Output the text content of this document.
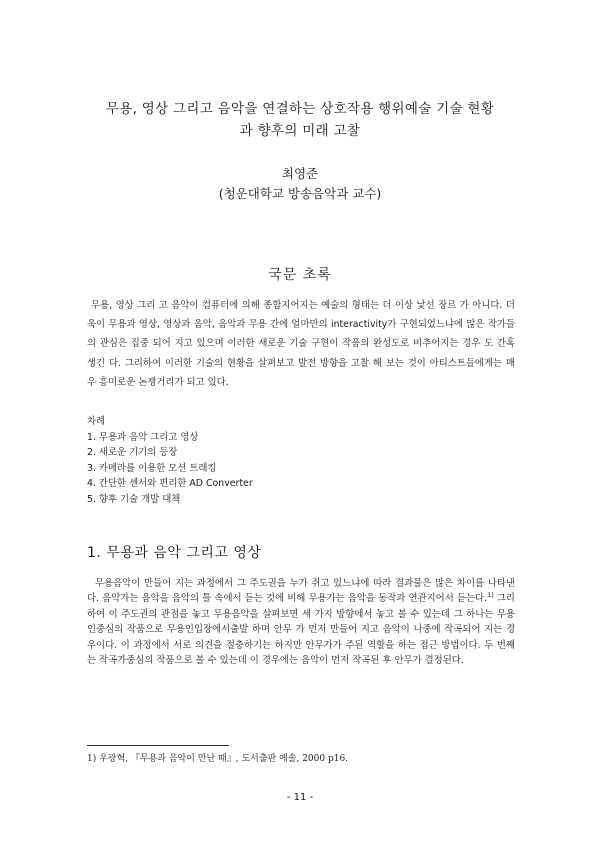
무용, 영상 그리고 음악을 연결하는 상호작용 행위예술 기술 현황
과 향후의 미래 고찰
최영준
(청운대학교 방송음악과 교수)
국문 초록

무용, 영상 그리 고 음악이 컴퓨터에 의해 종합지어지는 예술의 형태는 더 이상 낯선 장르 가 아니다. 더욱이 무용과 영상, 영상과 음악, 음악과 무용 간에 얼마만의 interactivity가 구현되었느냐에 많은 작가들의 관심은 집중 되어 지고 있으며 이러한 새로운 기술 구현이 작품의 완성도로 비추어지는 경우 도 간혹 생긴 다. 그리하여 이러한 기술의 현황을 살펴보고 발전 방향을 고찰 해 보는 것이 아티스트들에게는 매 우 흥미로운 논쟁거리가 되고 있다.

차례
1. 무용과 음악 그리고 영상
2. 새로운 기기의 등장
3. 카메라를 이용한 모션 트래킹
4. 간단한 센서와 편리한 AD Converter
5. 향후 기술 개발 대책
1. 무용과 음악 그리고 영상

무용음악이 만들어 지는 과정에서 그 주도권을 누가 쥐고 있느냐에 따라 결과물은 많은 차이를 나타낸다. 음악가는 음악을 음악의 틀 속에서 듣는 것에 비해 무용가는 음악을 동작과 연관지어서 듣는다.$^{1)}$ 그리하여 이 주도권의 관점을 놓고 무용음악을 살펴보면 세 가지 방향에서 놓고 볼 수 있는데 그 하나는 무용인중심의 작품으로 무용인입장에서출발 하며 안무 가 먼저 만들어 지고 음악이 나중에 작곡되어 지는 경우이다. 이 과정에서 서로 의견을 절충하기는 하지만 안무가가 주된 역할을 하는 접근 방법이다. 두 번째는 작곡가중심의 작품으로 볼 수 있는데 이 경우에는 음악이 먼저 작곡된 후 안무가 결정된다.

1) 우광혁, 『무용과 음악이 만난 때』, 도서출판 예솔, 2000 p16.
- 11 -
